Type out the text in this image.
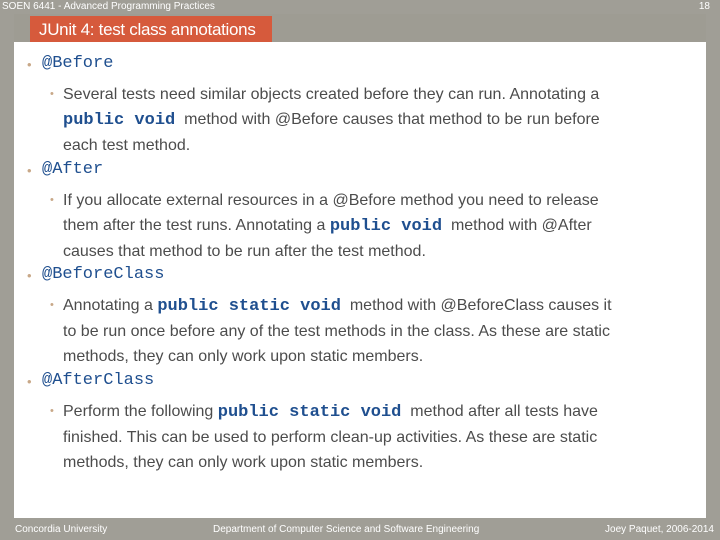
SOEN 6441 - Advanced Programming Practices	18
JUnit 4: test class annotations
• @Before
• Several tests need similar objects created before they can run. Annotating a
public void method with @Before causes that method to be run before
each test method.
• @After
• If you allocate external resources in a @Before method you need to release
them after the test runs. Annotating a public void method with @After
causes that method to be run after the test method.
• @BeforeClass
• Annotating a public static void method with @BeforeClass causes it
to be run once before any of the test methods in the class. As these are static
methods, they can only work upon static members.
• @AfterClass
• Perform the following public static void method after all tests have
finished. This can be used to perform clean-up activities. As these are static
methods, they can only work upon static members.
Concordia University	Department of Computer Science and Software Engineering	Joey Paquet, 2006-2014
